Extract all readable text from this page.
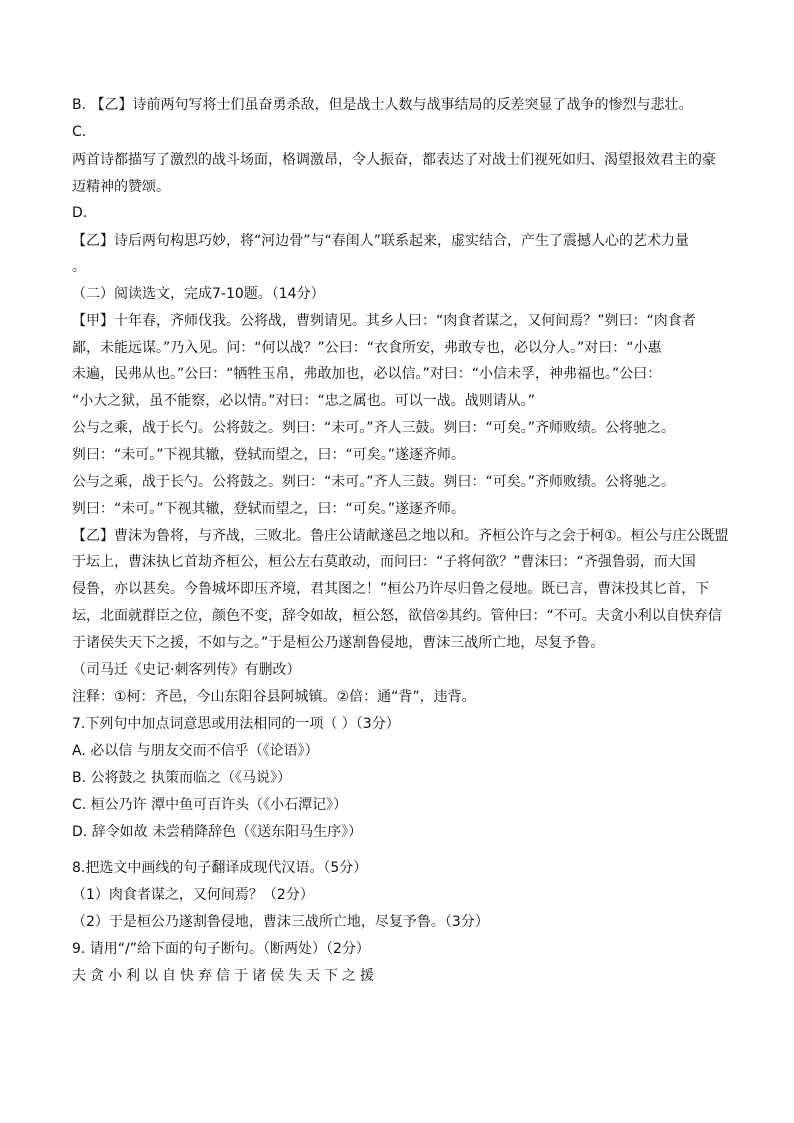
B. 【乙】诗前两句写将士们虽奋勇杀敌，但是战士人数与战事结局的反差突显了战争的惨烈与悲壮。
C.
两首诗都描写了激烈的战斗场面，格调激昂，令人振奋，都表达了对战士们视死如归、渴望报效君主的豪
迈精神的赞颂。
D.
【乙】诗后两句构思巧妙，将“河边骨”与“春闺人”联系起来，虚实结合，产生了震撼人心的艺术力量
。
（二）阅读选文，完成7-10题。（14分）
【甲】十年春，齐师伐我。公将战，曹刿请见。其乡人曰：“肉食者谋之，又何间焉？”刿曰：“肉食者
鄙，未能远谋。”乃入见。问：“何以战？”公曰：“衣食所安，弗敢专也，必以分人。”对曰：“小惠
未遍，民弗从也。”公曰：“牺牲玉帛，弗敢加也，必以信。”对曰：“小信未孚，神弗福也。”公曰：
“小大之狱，虽不能察，必以情。”对曰：“忠之属也。可以一战。战则请从。”
公与之乘，战于长勺。公将鼓之。刿曰：“未可。”齐人三鼓。刿曰：“可矣。”齐师败绩。公将驰之。
刿曰：“未可。”下视其辙，登轼而望之，曰：“可矣。”遂逐齐师。
公与之乘，战于长勺。公将鼓之。刿曰：“未可。”齐人三鼓。刿曰：“可矣。”齐师败绩。公将驰之。
刿曰：“未可。”下视其辙，登轼而望之，曰：“可矣。”遂逐齐师。
【乙】曹沫为鲁将，与齐战，三败北。鲁庄公请献遂邑之地以和。齐桓公许与之会于柯①。桓公与庄公既盟
于坛上，曹沫执匕首劫齐桓公，桓公左右莫敢动，而问曰：“子将何欲？”曹沫曰：“齐强鲁弱，而大国
侵鲁，亦以甚矣。今鲁城坏即压齐境，君其图之！”桓公乃许尽归鲁之侵地。既已言，曹沫投其匕首，下
坛，北面就群臣之位，颜色不变，辞令如故，桓公怒，欲倍②其约。管仲曰：“不可。夫贪小利以自快弃信
于诸侯失天下之援，不如与之。”于是桓公乃遂割鲁侵地，曹沫三战所亡地，尽复予鲁。
（司马迁《史记·刺客列传》有删改）
注释：①柯：齐邑，今山东阳谷县阿城镇。②倍：通“背”，违背。
7.下列句中加点词意思或用法相同的一项（ ）（3分）
A. 必以信 与朋友交而不信乎（《论语》）
B. 公将鼓之 执策而临之（《马说》）
C. 桓公乃许 潭中鱼可百许头（《小石潭记》）
D. 辞令如故 未尝稍降辞色（《送东阳马生序》）
8.把选文中画线的句子翻译成现代汉语。（5分）
（1）肉食者谋之，又何间焉？（2分）
（2）于是桓公乃遂割鲁侵地，曹沫三战所亡地，尽复予鲁。（3分）
9. 请用“/”给下面的句子断句。（断两处）（2分）
夫贪小利以自快弃信于诸侯失天下之援
